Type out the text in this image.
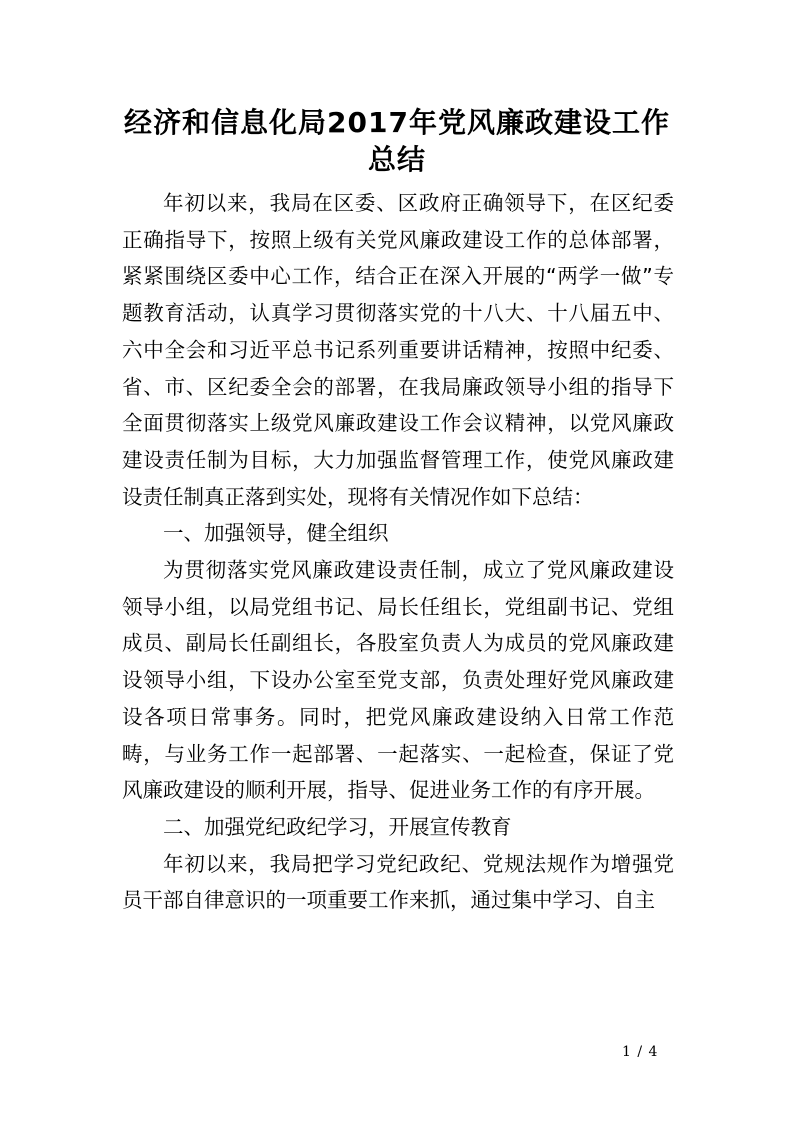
经济和信息化局2017年党风廉政建设工作
总结

年初以来，我局在区委、区政府正确领导下，在区纪委正确指导下，按照上级有关党风廉政建设工作的总体部署，紧紧围绕区委中心工作，结合正在深入开展的“两学一做”专题教育活动，认真学习贯彻落实党的十八大、十八届五中、六中全会和习近平总书记系列重要讲话精神，按照中纪委、省、市、区纪委全会的部署，在我局廉政领导小组的指导下全面贯彻落实上级党风廉政建设工作会议精神，以党风廉政建设责任制为目标，大力加强监督管理工作，使党风廉政建设责任制真正落到实处，现将有关情况作如下总结：

一、加强领导，健全组织

为贯彻落实党风廉政建设责任制，成立了党风廉政建设领导小组，以局党组书记、局长任组长，党组副书记、党组成员、副局长任副组长，各股室负责人为成员的党风廉政建设领导小组，下设办公室至党支部，负责处理好党风廉政建设各项日常事务。同时，把党风廉政建设纳入日常工作范畴，与业务工作一起部署、一起落实、一起检查，保证了党风廉政建设的顺利开展，指导、促进业务工作的有序开展。

二、加强党纪政纪学习，开展宣传教育

年初以来，我局把学习党纪政纪、党规法规作为增强党员干部自律意识的一项重要工作来抓，通过集中学习、自主

1 / 4
